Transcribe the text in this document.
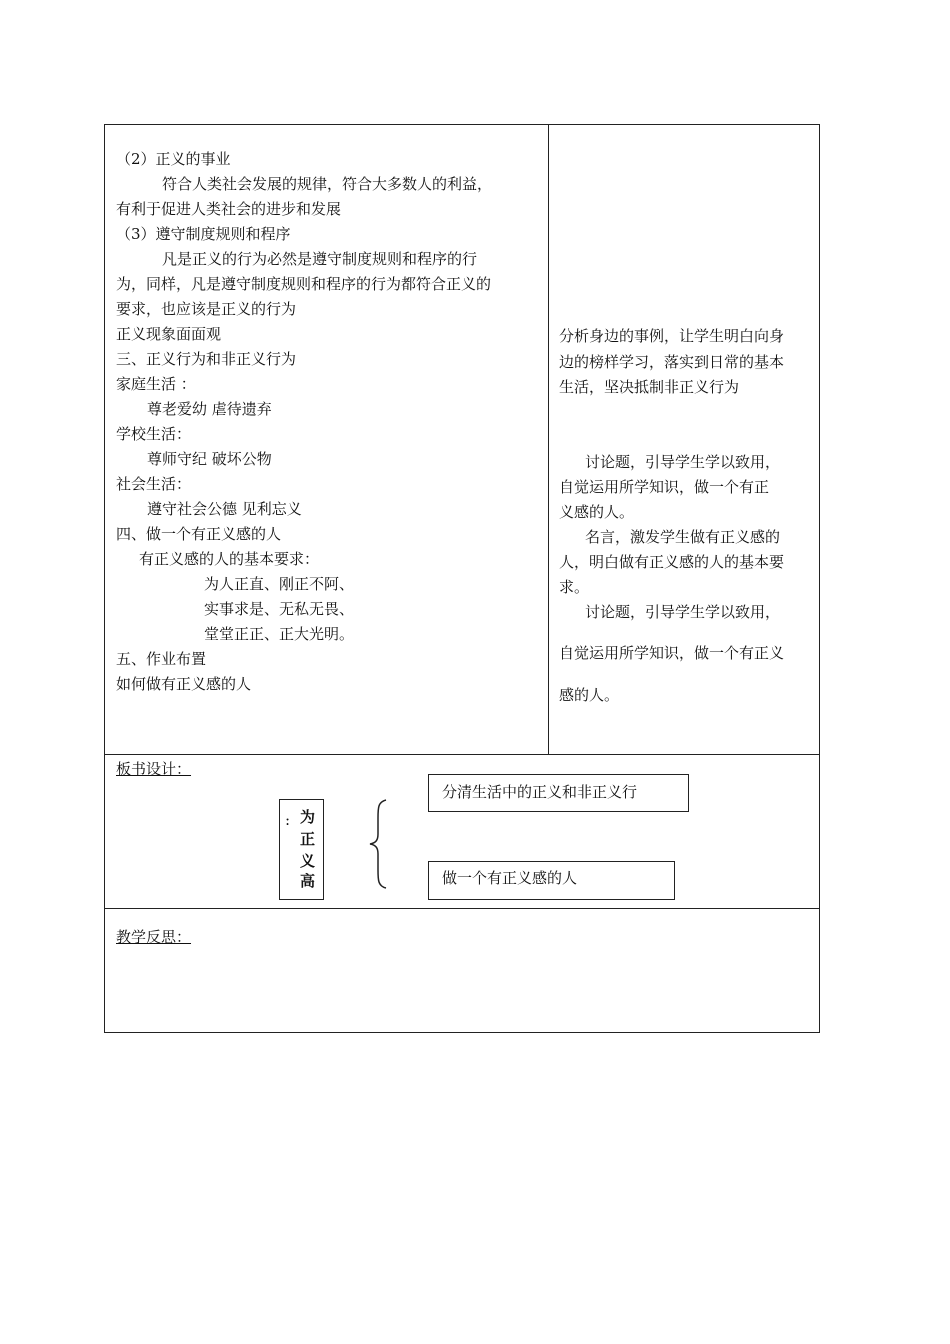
（2）正义的事业
符合人类社会发展的规律，符合大多数人的利益，
有利于促进人类社会的进步和发展
（3）遵守制度规则和程序
凡是正义的行为必然是遵守制度规则和程序的行
为，同样，凡是遵守制度规则和程序的行为都符合正义的
要求，也应该是正义的行为
正义现象面面观
三、正义行为和非正义行为
家庭生活 ：
尊老爱幼 虐待遗弃
学校生活：
尊师守纪 破坏公物
社会生活：
遵守社会公德 见利忘义
四、做一个有正义感的人
有正义感的人的基本要求：
为人正直、刚正不阿、
实事求是、无私无畏、
堂堂正正、正大光明。
五、作业布置
如何做有正义感的人
分析身边的事例，让学生明白向身
边的榜样学习，落实到日常的基本
生活，坚决抵制非正义行为
讨论题，引导学生学以致用，
自觉运用所学知识，做一个有正
义感的人。
名言，激发学生做有正义感的
人，明白做有正义感的人的基本要
求。
讨论题，引导学生学以致用，
自觉运用所学知识，做一个有正义
感的人。
板书设计：
: 为
正
义
高
分清生活中的正义和非正义行
做一个有正义感的人
教学反思：
